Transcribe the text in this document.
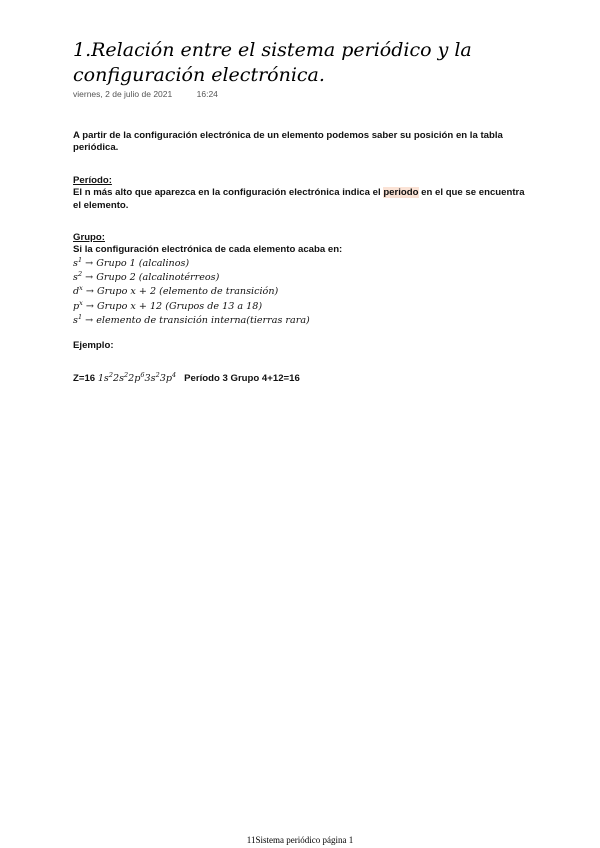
1.Relación entre el sistema periódico y la configuración electrónica.
viernes, 2 de julio de 2021	16:24

A partir de la configuración electrónica de un elemento podemos saber su posición en la tabla periódica.

Período:

El n más alto que aparezca en la configuración electrónica indica el periodo en el que se encuentra el elemento.

Grupo:

Si la configuración electrónica de cada elemento acaba en:

$s^1$ → Grupo 1 (alcalinos)
$s^2$ → Grupo 2 (alcalinotérreos)
$d^x$ → Grupo x + 2 (elemento de transición)
$p^x$ → Grupo x + 12 (Grupos de 13 a 18)
$s^1$ → elemento de transición interna(tierras rara)

Ejemplo:

Z=16 $1s^22s^22p^63s^23p^4$ Período 3 Grupo 4+12=16

11Sistema periódico página 1
